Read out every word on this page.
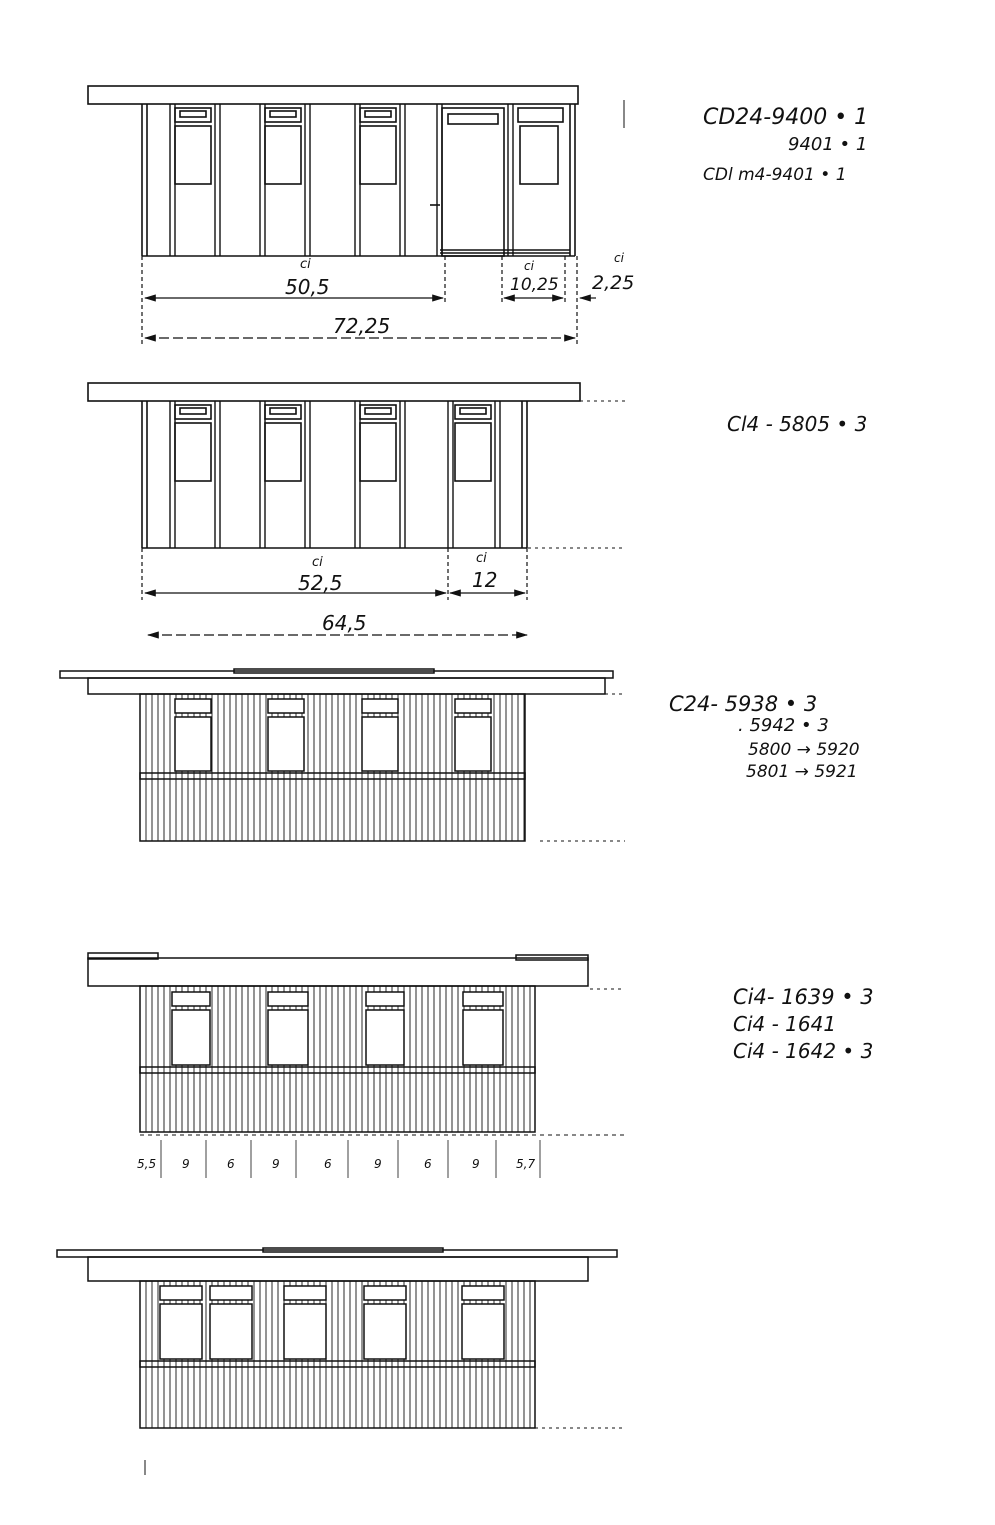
ci
50,5
ci
10,25
ci
2,25
72,25
CD24-9400 • 1
9401 • 1
CDl m4-9401 • 1
ci
52,5
ci
12
64,5
Cl4 - 5805 • 3
C24- 5938 • 3
. 5942 • 3
5800 → 5920
5801 → 5921
5,5 9	6	9	6	9	6	9	5,7
Ci4- 1639 • 3
Ci4 - 1641
Ci4 - 1642 • 3
